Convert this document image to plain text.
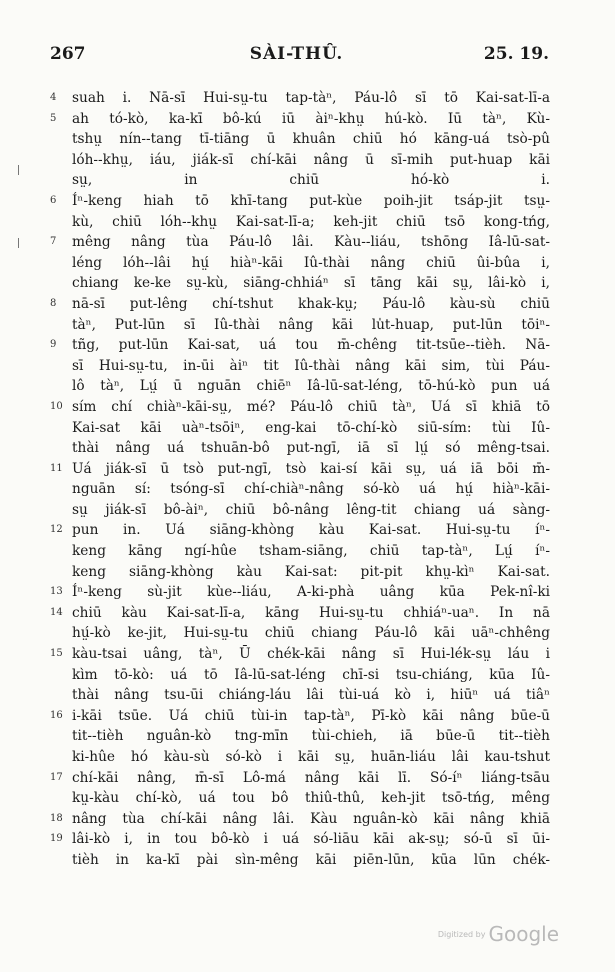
267	SÀI-THÛ.	25. 19.
4	suah i. Nā-sī Hui-sṳ-tu tap-tàⁿ, Páu-lô sī tō Kai-sat-lī-a
5	ah tó-kò, ka-kī bô-kú iū àiⁿ-khṳ hú-kò. Iū tàⁿ, Kù-
tshṳ nín--tang tī-tiāng ū khuân chiū hó kāng-uá tsò-pû
lóh--khṳ, iáu, jiák-sī chí-kāi nâng ū sī-mih put-huap kāi
sṳ, in chiū hó-kò i.
6	Íⁿ-keng hiah tō khī-tang put-kùe poih-jit tsáp-jit tsṳ-
kù, chiū lóh--khṳ Kai-sat-lī-a; keh-jit chiū tsō kong-tńg,
7	mêng nâng tùa Páu-lô lâi. Kàu--liáu, tshōng Iâ-lū-sat-
léng lóh--lâi hṳ́ hiàⁿ-kāi Iû-thài nâng chiū ûi-bûa i,
chiang ke-ke sṳ-kù, siāng-chhiáⁿ sī tāng kāi sṳ, lâi-kò i,
8	nā-sī put-lêng chí-tshut khak-kṳ; Páu-lô kàu-sù chiū
tàⁿ, Put-lūn sī Iû-thài nâng kāi lu̍t-huap, put-lūn tōiⁿ-
9	tñg, put-lūn Kai-sat, uá tou m̄-chêng tit-tsūe--tièh. Nā-
sī Hui-sṳ-tu, in-ūi àiⁿ tit Iû-thài nâng kāi sim, tùi Páu-
lô tàⁿ, Lṳ́ ū nguān chiēⁿ Iâ-lū-sat-léng, tō-hú-kò pun uá
10 sím chí chiàⁿ-kāi-sṳ, mé? Páu-lô chiū tàⁿ, Uá sī khiā tō
Kai-sat kāi uàⁿ-tsōiⁿ, eng-kai tō-chí-kò siū-sím: tùi Iû-
thài nâng uá tshuān-bô put-ngī, iā sī lṳ́ só mêng-tsai.
11 Uá jiák-sī ū tsò put-ngī, tsò kai-sí kāi sṳ, uá iā bōi m̄-
nguān sí: tsóng-sī chí-chiàⁿ-nâng só-kò uá hṳ́ hiàⁿ-kāi-
sṳ jiák-sī bô-àiⁿ, chiū bô-nâng lêng-tit chiang uá sàng-
12 pun in. Uá siāng-khòng kàu Kai-sat. Hui-sṳ-tu íⁿ-
keng kāng ngí-hûe tsham-siāng, chiū tap-tàⁿ, Lṳ́ íⁿ-
keng siāng-khòng kàu Kai-sat: pit-pit khṳ-kìⁿ Kai-sat.
13 Íⁿ-keng sù-jit kùe--liáu, A-ki-phà uâng kūa Pek-nî-ki
14 chiū kàu Kai-sat-lī-a, kāng Hui-sṳ-tu chhiáⁿ-uaⁿ. In nā
hṳ́-kò ke-jit, Hui-sṳ-tu chiū chiang Páu-lô kāi uāⁿ-chhêng
15 kàu-tsai uâng, tàⁿ, Ū chék-kāi nâng sī Hui-lék-sṳ láu i
kìm tō-kò: uá tō Iâ-lū-sat-léng chī-si tsu-chiáng, kūa Iû-
thài nâng tsu-ūi chiáng-láu lâi tùi-uá kò i, hiūⁿ uá tiâⁿ
16 i-kāi tsūe. Uá chiū tùi-in tap-tàⁿ, Pī-kò kāi nâng būe-ū
tit--tièh nguân-kò tng-mīn tùi-chieh, iā būe-ū tit--tièh
ki-hûe hó kàu-sù só-kò i kāi sṳ, huān-liáu lâi kau-tshut
17 chí-kāi nâng, m̄-sī Lô-má nâng kāi lī. Só-íⁿ liáng-tsāu
kṳ-kàu chí-kò, uá tou bô thiû-thû, keh-jit tsō-tńg, mêng
18 nâng tùa chí-kāi nâng lâi. Kàu nguân-kò kāi nâng khiā
19 lâi-kò i, in tou bô-kò i uá só-liāu kāi ak-sṳ; só-ū sī ūi-
tièh in ka-kī pài sìn-mêng kāi piēn-lūn, kūa lūn chék-
Digitized by Google
